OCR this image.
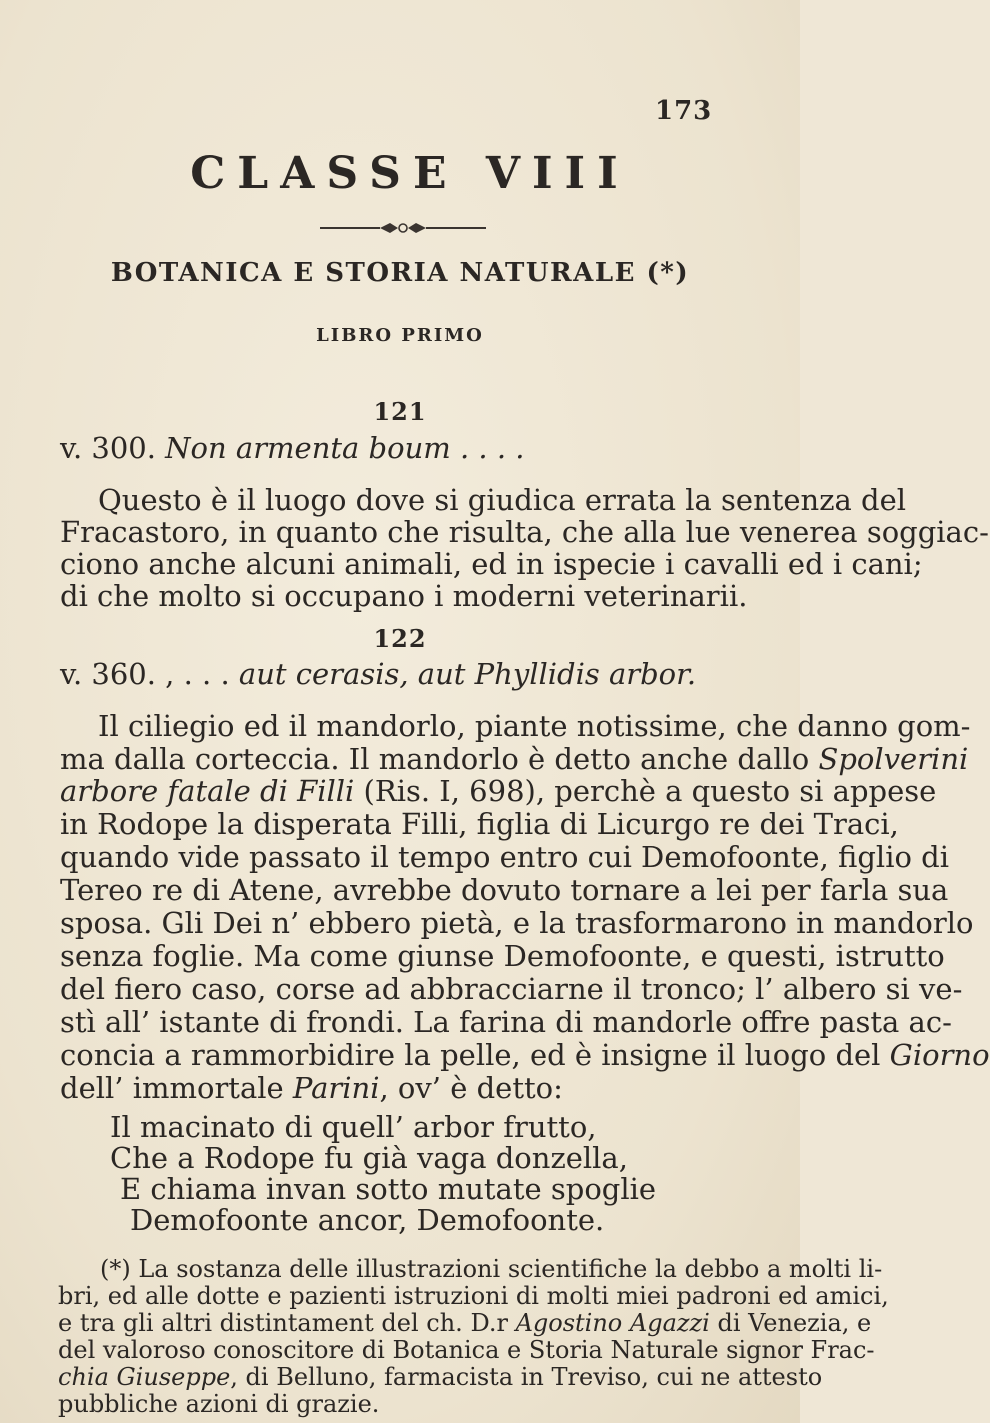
173
CLASSE VIII
BOTANICA E STORIA NATURALE (*)
LIBRO PRIMO
121
v. 300. Non armenta boum . . . .
Questo è il luogo dove si giudica errata la sentenza del
Fracastoro, in quanto che risulta, che alla lue venerea soggiac-
ciono anche alcuni animali, ed in ispecie i cavalli ed i cani;
di che molto si occupano i moderni veterinarii.
122
v. 360. , . . . aut cerasis, aut Phyllidis arbor.
Il ciliegio ed il mandorlo, piante notissime, che danno gom-
ma dalla corteccia. Il mandorlo è detto anche dallo Spolverini
arbore fatale di Filli (Ris. I, 698), perchè a questo si appese
in Rodope la disperata Filli, figlia di Licurgo re dei Traci,
quando vide passato il tempo entro cui Demofoonte, figlio di
Tereo re di Atene, avrebbe dovuto tornare a lei per farla sua
sposa. Gli Dei n’ ebbero pietà, e la trasformarono in mandorlo
senza foglie. Ma come giunse Demofoonte, e questi, istrutto
del fiero caso, corse ad abbracciarne il tronco; l’ albero si ve-
stì all’ istante di frondi. La farina di mandorle offre pasta ac-
concia a rammorbidire la pelle, ed è insigne il luogo del Giorno
dell’ immortale Parini, ov’ è detto:
Il macinato di quell’ arbor frutto,
Che a Rodope fu già vaga donzella,
E chiama invan sotto mutate spoglie
Demofoonte ancor, Demofoonte.
(*) La sostanza delle illustrazioni scientifiche la debbo a molti li-
bri, ed alle dotte e pazienti istruzioni di molti miei padroni ed amici,
e tra gli altri distintament del ch. D.r Agostino Agazzi di Venezia, e
del valoroso conoscitore di Botanica e Storia Naturale signor Frac-
chia Giuseppe, di Belluno, farmacista in Treviso, cui ne attesto
pubbliche azioni di grazie.
